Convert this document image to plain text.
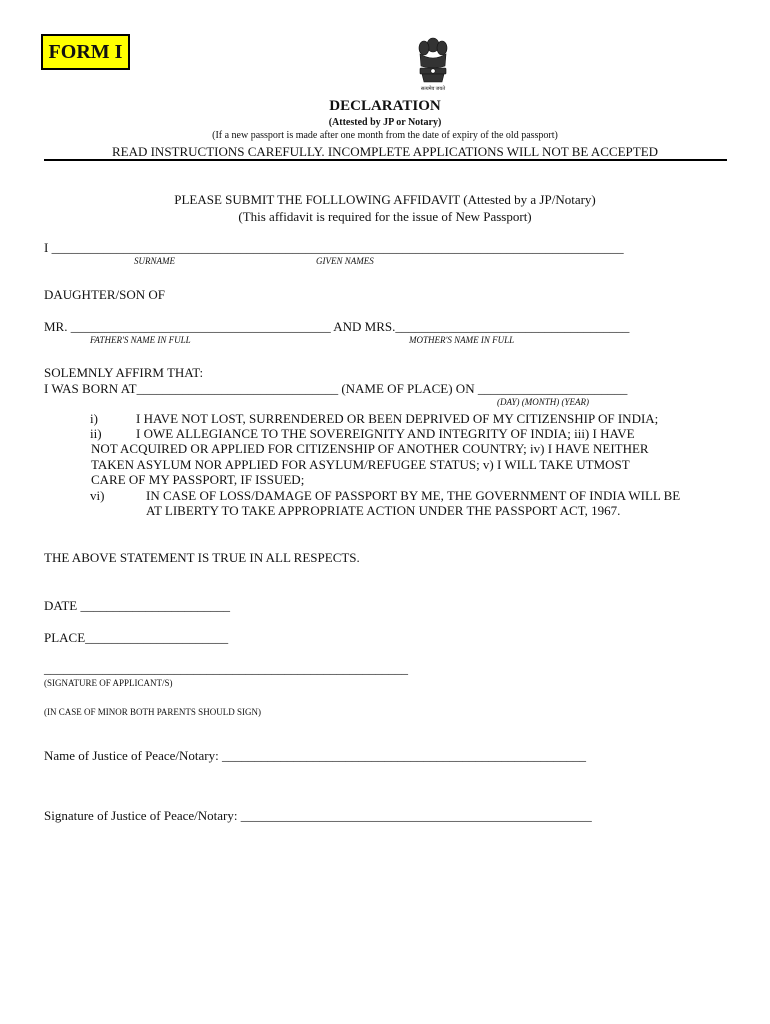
FORM I
सत्यमेव जयते
DECLARATION
(Attested by JP or Notary)
(If a new passport is made after one month from the date of expiry of the old passport)
READ INSTRUCTIONS CAREFULLY. INCOMPLETE APPLICATIONS WILL NOT BE ACCEPTED
PLEASE SUBMIT THE FOLLLOWING AFFIDAVIT (Attested by a JP/Notary)
(This affidavit is required for the issue of New Passport)
I ________________________________________________________________________________________
SURNAME	GIVEN NAMES
DAUGHTER/SON OF
MR. ________________________________________ AND MRS.____________________________________
FATHER'S NAME IN FULL	MOTHER'S NAME IN FULL
SOLEMNLY AFFIRM THAT:
I WAS BORN AT_______________________________ (NAME OF PLACE) ON _______________________
(DAY) (MONTH) (YEAR)
i)	I HAVE NOT LOST, SURRENDERED OR BEEN DEPRIVED OF MY CITIZENSHIP OF INDIA;
ii)	I OWE ALLEGIANCE TO THE SOVEREIGNITY AND INTEGRITY OF INDIA; iii) I HAVE
NOT ACQUIRED OR APPLIED FOR CITIZENSHIP OF ANOTHER COUNTRY; iv) I HAVE NEITHER
TAKEN ASYLUM NOR APPLIED FOR ASYLUM/REFUGEE STATUS; v) I WILL TAKE UTMOST
CARE OF MY PASSPORT, IF ISSUED;
vi)	IN CASE OF LOSS/DAMAGE OF PASSPORT BY ME, THE GOVERNMENT OF INDIA WILL BE
AT LIBERTY TO TAKE APPROPRIATE ACTION UNDER THE PASSPORT ACT, 1967.
THE ABOVE STATEMENT IS TRUE IN ALL RESPECTS.
DATE _______________________
PLACE______________________
________________________________________________________
(SIGNATURE OF APPLICANT/S)
(IN CASE OF MINOR BOTH PARENTS SHOULD SIGN)
Name of Justice of Peace/Notary: ________________________________________________________
Signature of Justice of Peace/Notary: ______________________________________________________
